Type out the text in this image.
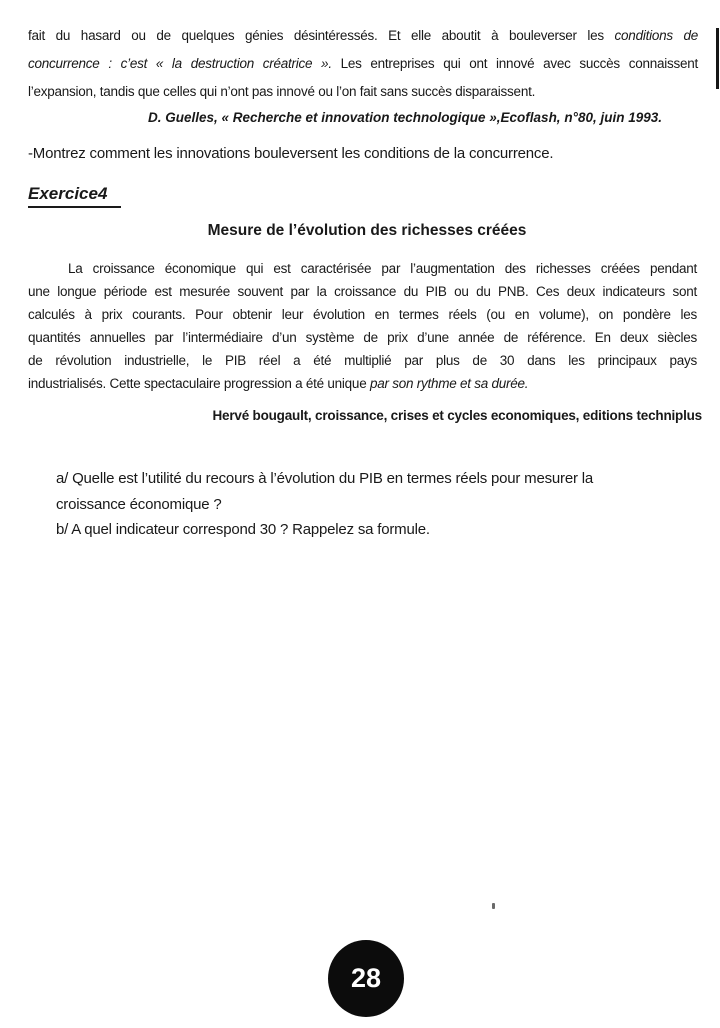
fait du hasard ou de quelques génies désintéressés. Et elle aboutit à bouleverser les conditions de
concurrence : c’est « la destruction créatrice ». Les entreprises qui ont innové avec succès connaissent
l’expansion, tandis que celles qui n’ont pas innové ou l’on fait sans succès disparaissent.
D. Guelles, « Recherche et innovation technologique »,Ecoflash, n°80, juin 1993.
-Montrez comment les innovations bouleversent les conditions de la concurrence.
Exercice4
Mesure de l’évolution des richesses créées
La croissance économique qui est caractérisée par l’augmentation des richesses créées pendant
une longue période est mesurée souvent par la croissance du PIB ou du PNB. Ces deux indicateurs sont
calculés à prix courants. Pour obtenir leur évolution en termes réels (ou en volume), on pondère les
quantités annuelles par l’intermédiaire d’un système de prix d’une année de référence. En deux siècles
de révolution industrielle, le PIB réel a été multiplié par plus de 30 dans les principaux pays
industrialisés. Cette spectaculaire progression a été unique par son rythme et sa durée.
Hervé bougault, croissance, crises et cycles economiques, editions techniplus
a/ Quelle est l’utilité du recours à l’évolution du PIB en termes réels pour mesurer la
croissance économique ?
b/ A quel indicateur correspond 30 ? Rappelez sa formule.
28
